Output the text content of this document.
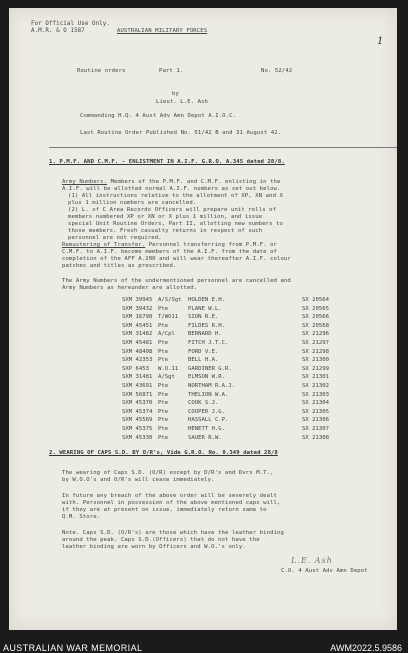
1
For Official Use Only.
A.M.R. & O 1587	AUSTRALIAN MILITARY FORCES
Routine orders	Part 1.	No. 52/42
by
Lieut. L.E. Ash
Commanding H.Q. 4 Aust Adv Amn Depot A.I.O.C.
Last Routine Order Published No. 51/42 B and 31 August 42.
1. P.M.F. AND C.M.F. - ENLISTMENT IN A.I.F. G.R.O. A.345 dated 28/8.
Army Numbers. Members of the P.M.F. and C.M.F. enlisting in the
A.I.F. will be allotted normal A.I.F. numbers as set out below.
(1) All instructions relative to the allotment of XP, XN and X
plus 1 million numbers are cancelled.
(2) L. of C Area Records Officers will prepare unit rolls of
members numbered XP or XN or X plus 1 million, and issue
special Unit Routine Orders, Part II, allotting new numbers to
those members. Fresh casualty returns in respect of such
personnel are not required.
Remustering of Transfer. Personnel transferring from P.M.F. or
C.M.F. to A.I.F. become members of the A.I.F. from the date of
completion of the AFF A.200 and will wear thereafter A.I.F. colour
patches and titles as prescribed.
The Army Numbers of the undermentioned personnel are cancelled and
Army Numbers as hereunder are allotted.
SXM 39945 A/S/Sgt HOLDEN E.H.	SX 20564
SXM 39432 Pte	PLANE W.L.	SX 20565
SXM 16798 T/WO11 SION R.E.	SX 20566
SXM 45451 Pte	FILDES R.H.	SX 20568
SXM 31482 A/Cpl BERNARD H.	SX 21296
SXM 45481 Pte	FITCH J.T.C.	SX 21297
SXM 48408 Pte	FORD V.E.	SX 21298
SXM 42353 Pte	BELL H.A.	SX 21300
SXP 6453 W.O.11 GARDINER G.R.	SX 21299
SXM 31481 A/Sgt ELMSON W.R.	SX 21301
SXM 43691 Pte	NORTHAM R.A.J.	SX 21302
SXM 56871 Pte	THELION W.A.	SX 21303
SXM 45370 Pte	COOK S.J.	SX 21304
SXM 45374 Pte	COOPER J.G.	SX 21305
SXM 45569 Pte	HASSALL C.P.	SX 21306
SXM 45375 Pte	HENETT H.G.	SX 21307
SXM 45330 Pte	SAUER R.W.	SX 21308
2. WEARING OF CAPS S.D. BY O/R's, Vide G.R.O. No. 0.349 dated 28/8
The wearing of Caps S.D. (O/R) except by D/R's and Dvrs M.T.,
by W.O.O's and O/R's will cease immediately.
In future any breach of the above order will be severely dealt
with. Personnel in possession of the above mentioned caps will,
if they are at present on issue, immediately return same to
Q.M. Store.
Note. Caps S.D. (O/R's) are those which have the leather binding
around the peak. Caps S.D.(Officers) that do not have the
leather binding are worn by Officers and W.O.'s only.
L.E. Ash
C.O. 4 Aust Adv Amn Depot
AUSTRALIAN WAR MEMORIAL	AWM2022.5.9586
